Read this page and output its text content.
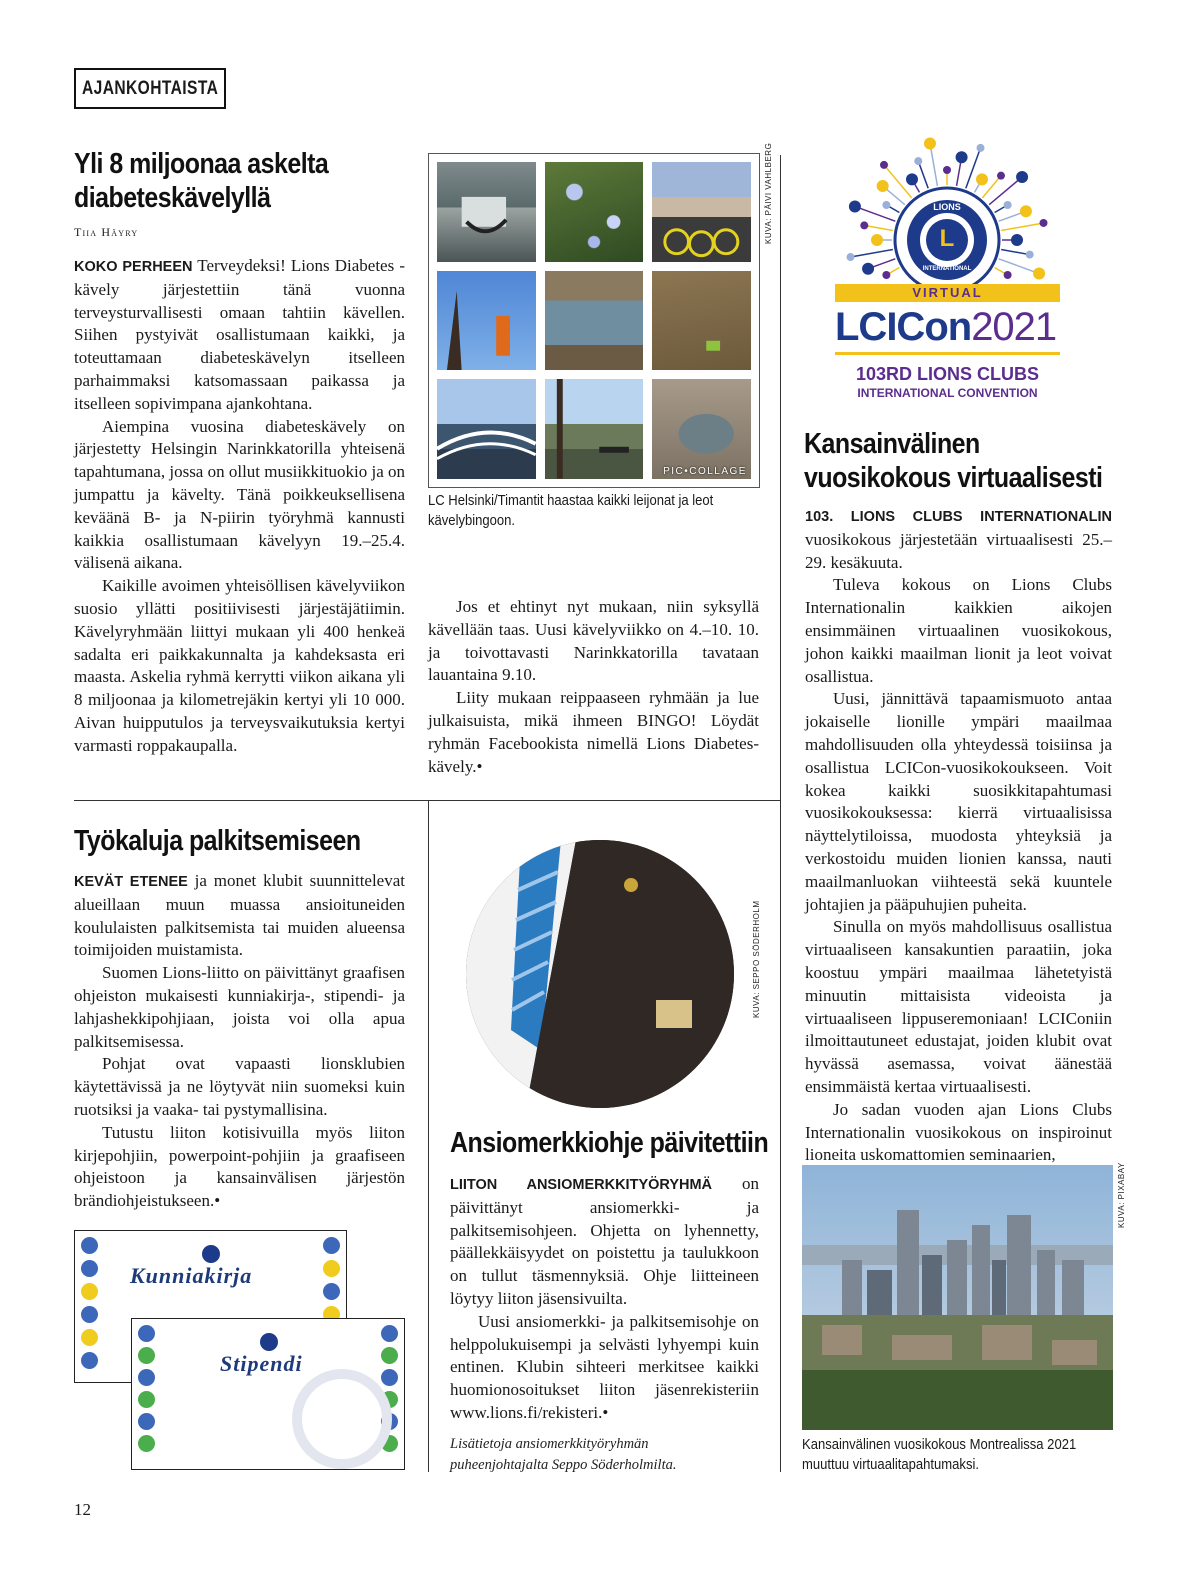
AJANKOHTAISTA
Yli 8 miljoonaa askelta
diabeteskävelyllä
Tiia Häyry

KOKO PERHEEN Terveydeksi! Lions Diabetes -kävely järjestettiin tänä vuonna terveysturvallisesti omaan tahtiin kävellen. Siihen pystyivät osallistumaan kaikki, ja toteuttamaan diabeteskävelyn itselleen parhaimmaksi katsomassaan paikassa ja itselleen sopivimpana ajankohtana.

Aiempina vuosina diabeteskävely on järjestetty Helsingin Narinkkatorilla yhteisenä tapahtumana, jossa on ollut musiikkituokio ja on jumpattu ja kävelty. Tänä poikkeuksellisena keväänä B- ja N-piirin työryhmä kannusti kaikkia osallistumaan kävelyyn 19.–25.4. välisenä aikana.

Kaikille avoimen yhteisöllisen kävelyviikon suosio yllätti positiivisesti järjestäjätiimin. Kävelyryhmään liittyi mukaan yli 400 henkeä sadalta eri paikkakunnalta ja kahdeksasta eri maasta. Askelia ryhmä kerrytti viikon aikana yli 8 miljoonaa ja kilometrejäkin kertyi yli 10 000. Aivan huipputulos ja terveysvaikutuksia kertyi varmasti roppakaupalla.

PIC•COLLAGE
KUVA: PÄIVI VAHLBERG
LC Helsinki/Timantit haastaa kaikki leijonat ja leot kävelybingoon.

Jos et ehtinyt nyt mukaan, niin syksyllä kävellään taas. Uusi kävelyviikko on 4.–10. 10. ja toivottavasti Narinkkatorilla tavataan lauantaina 9.10.

Liity mukaan reippaaseen ryhmään ja lue julkaisuista, mikä ihmeen BINGO! Löydät ryhmän Facebookista nimellä Lions Diabetes-kävely.•

L
LIONS
INTERNATIONAL
VIRTUAL
LCICon2021
103RD LIONS CLUBS
INTERNATIONAL CONVENTION
Kansainvälinen vuosikokous virtuaalisesti

103. LIONS CLUBS INTERNATIONALIN vuosikokous järjestetään virtuaalisesti 25.–29. kesäkuuta.

Tuleva kokous on Lions Clubs Internationalin kaikkien aikojen ensimmäinen virtuaalinen vuosikokous, johon kaikki maailman lionit ja leot voivat osallistua.

Uusi, jännittävä tapaamismuoto antaa jokaiselle lionille ympäri maailmaa mahdollisuuden olla yhteydessä toisiinsa ja osallistua LCICon-vuosikokoukseen. Voit kokea kaikki suosikkitapahtumasi vuosikokouksessa: kierrä virtuaalisissa näyttelytiloissa, muodosta yhteyksiä ja verkostoidu muiden lionien kanssa, nauti maailmanluokan viihteestä sekä kuuntele johtajien ja pääpuhujien puheita.

Sinulla on myös mahdollisuus osallistua virtuaaliseen kansakuntien paraatiin, joka koostuu ympäri maailmaa lähetetyistä minuutin mittaisista videoista ja virtuaaliseen lippuseremoniaan! LCIConiin ilmoittautuneet edustajat, joiden klubit ovat hyvässä asemassa, voivat äänestää ensimmäistä kertaa virtuaalisesti.

Jo sadan vuoden ajan Lions Clubs Internationalin vuosikokous on inspiroinut lioneita uskomattomien seminaarien,

KUVA: PIXABAY
Kansainvälinen vuosikokous Montrealissa 2021 muuttuu virtuaalitapahtumaksi.
Työkaluja palkitsemiseen

KEVÄT ETENEE ja monet klubit suunnittelevat alueillaan muun muassa ansioituneiden koululaisten palkitsemista tai muiden alueensa toimijoiden muistamista.

Suomen Lions-liitto on päivittänyt graafisen ohjeiston mukaisesti kunniakirja-, stipendi- ja lahjashekkipohjiaan, joista voi olla apua palkitsemisessa.

Pohjat ovat vapaasti lionsklubien käytettävissä ja ne löytyvät niin suomeksi kuin ruotsiksi ja vaaka- tai pystymallisina.

Tutustu liiton kotisivuilla myös liiton kirjepohjiin, powerpoint-pohjiin ja graafiseen ohjeistoon ja kansainvälisen järjestön brändiohjeistukseen.•

Kunniakirja
Stipendi
KUVA: SEPPO SÖDERHOLM
Ansiomerkkiohje päivitettiin

LIITON ANSIOMERKKITYÖRYHMÄ on päivittänyt ansiomerkki- ja palkitsemisohjeen. Ohjetta on lyhennetty, päällekkäisyydet on poistettu ja taulukkoon on tullut täsmennyksiä. Ohje liitteineen löytyy liiton jäsensivuilta.

Uusi ansiomerkki- ja palkitsemisohje on helppolukuisempi ja selvästi lyhyempi kuin entinen. Klubin sihteeri merkitsee kaikki huomionosoitukset liiton jäsenrekisteriin www.lions.fi/rekisteri.•

Lisätietoja ansiomerkkityöryhmän puheenjohtajalta Seppo Söderholmilta.
12
